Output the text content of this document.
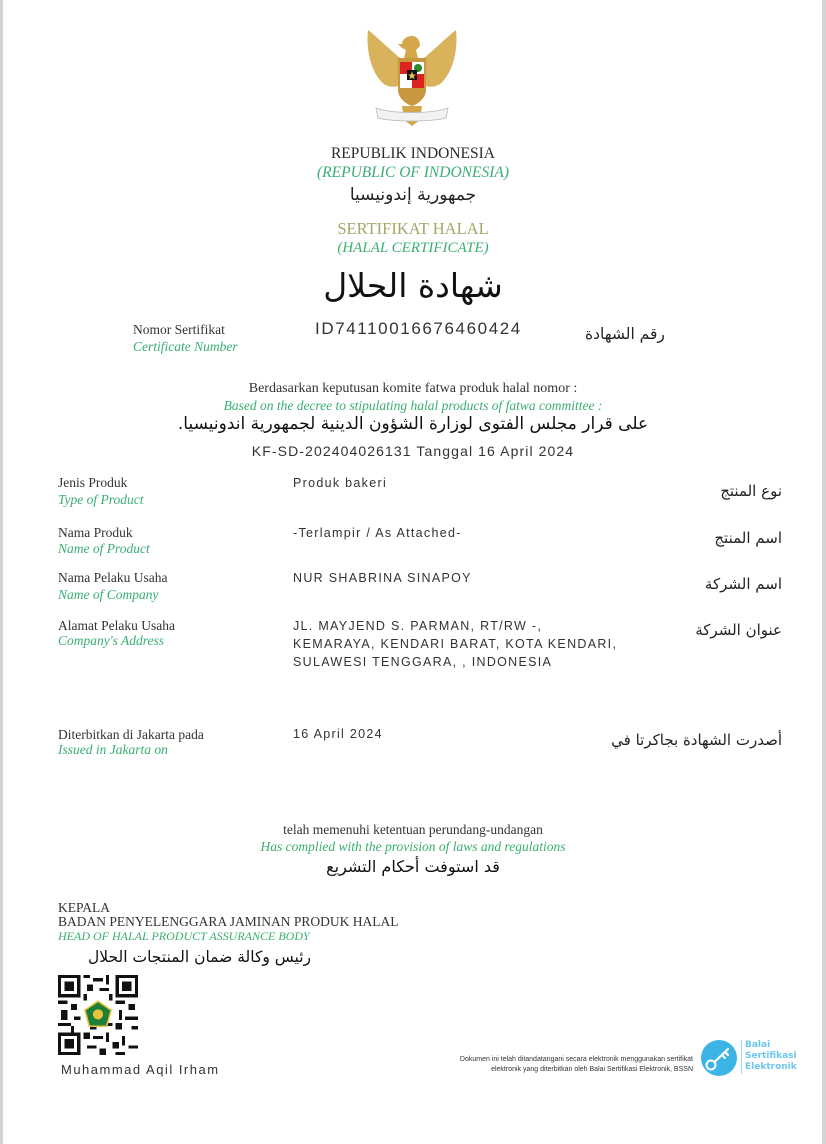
REPUBLIK INDONESIA
(REPUBLIC OF INDONESIA)
جمهورية إندونيسيا
SERTIFIKAT HALAL
(HALAL CERTIFICATE)
شهادة الحلال
Nomor Sertifikat
Certificate Number
ID74110016676460424	رقم الشهادة
Berdasarkan keputusan komite fatwa produk halal nomor :
Based on the decree to stipulating halal products of fatwa committee :
على قرار مجلس الفتوى لوزارة الشؤون الدينية لجمهورية اندونيسيا.
KF-SD-202404026131 Tanggal 16 April 2024
Jenis Produk
Type of Product
Produk bakeri	نوع المنتج
Nama Produk
Name of Product
-Terlampir / As Attached-	اسم المنتج
Nama Pelaku Usaha
Name of Company
NUR SHABRINA SINAPOY	اسم الشركة
Alamat Pelaku Usaha
Company's Address
JL. MAYJEND S. PARMAN, RT/RW -,
KEMARAYA, KENDARI BARAT, KOTA KENDARI,
SULAWESI TENGGARA, , INDONESIA
عنوان الشركة
Diterbitkan di Jakarta pada
Issued in Jakarta on
16 April 2024	أصدرت الشهادة بجاكرتا في
telah memenuhi ketentuan perundang-undangan
Has complied with the provision of laws and regulations
قد استوفت أحكام التشريع
KEPALA
BADAN PENYELENGGARA JAMINAN PRODUK HALAL
HEAD OF HALAL PRODUCT ASSURANCE BODY
رئيس وكالة ضمان المنتجات الحلال
Muhammad Aqil Irham
Dokumen ini telah ditandatangani secara elektronik menggunakan sertifikat
elektronik yang diterbitkan oleh Balai Sertifikasi Elektronik, BSSN
Balai
Sertifikasi
Elektronik
